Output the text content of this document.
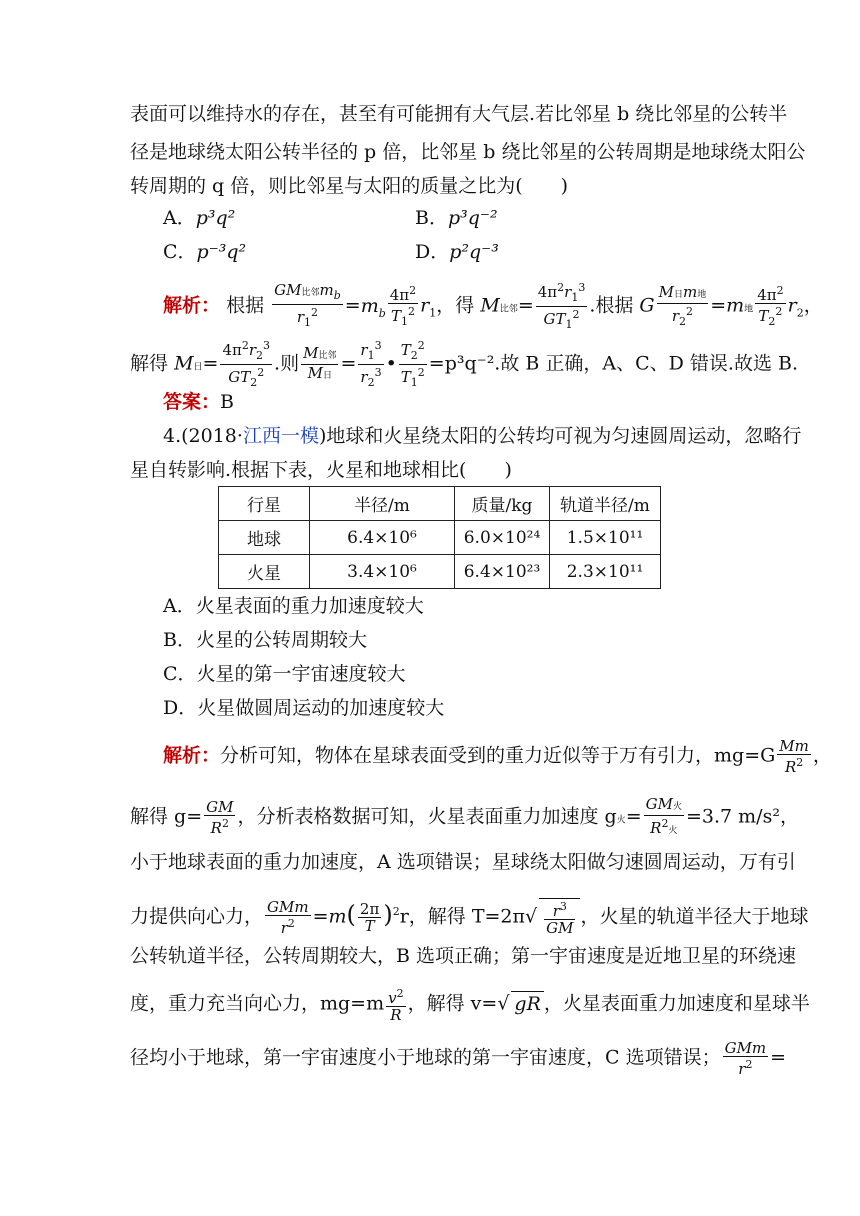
表面可以维持水的存在，甚至有可能拥有大气层.若比邻星 b 绕比邻星的公转半
径是地球绕太阳公转半径的 p 倍，比邻星 b 绕比邻星的公转周期是地球绕太阳公
转周期的 q 倍，则比邻星与太阳的质量之比为(　　)
A．p³q²	B．p³q⁻²
C．p⁻³q²	D．p²q⁻³
解析： 根据 $\frac{GM比邻m_b}{r_1^2} =m_b \frac{4\pi^2}{T_1^2} r_1$，得 M比邻= $\frac{4\pi^2r_1^3}{GT_1^2}$ .根据 G $\frac{\text{M日m地}}{r_2^2} =m$地 $\frac{4\pi^2}{T_2^2} r_2$，
解得 M日= $\frac{4\pi^2r_2^3}{GT_2^2}$ .则 $\frac{\text{M比邻}}{\text{M日}} = \frac{r_1^3}{r_2^3}$ • $\frac{T_2^2}{T_1^2} =p^3q^{-2}$.故 B 正确，A、C、D 错误.故选 B.
答案：B
4.(2018·江西一模)地球和火星绕太阳的公转均可视为匀速圆周运动，忽略行
星自转影响.根据下表，火星和地球相比(　　)
行星	半径/m	质量/kg	轨道半径/m
地球	6.4×10⁶	6.0×10²⁴	1.5×10¹¹
火星	3.4×10⁶	6.4×10²³	2.3×10¹¹
A．火星表面的重力加速度较大
B．火星的公转周期较大
C．火星的第一宇宙速度较大
D．火星做圆周运动的加速度较大
解析：分析可知，物体在星球表面受到的重力近似等于万有引力，$mg=G \frac{Mm}{R^2}$ ，
解得 $g= \frac{GM}{R^2}$ ，分析表格数据可知，火星表面重力加速度 g火= $\frac{\text{GM火}}{R^2火} =3.7$ m/s²，
小于地球表面的重力加速度，A 选项错误；星球绕太阳做匀速圆周运动，万有引
力提供向心力， $\frac{\text{GMm}}{r^2} =m( \frac{2\pi}{T} )^2r$，解得 $T=2\pi√ \frac{r^3}{GM}$ ，火星的轨道半径大于地球
公转轨道半径，公转周期较大，B 选项正确；第一宇宙速度是近地卫星的环绕速
度，重力充当向心力，$mg=m \frac{v^2}{R}$ ，解得 v=√ gR ，火星表面重力加速度和星球半
径均小于地球，第一宇宙速度小于地球的第一宇宙速度，C 选项错误； $\frac{\text{GMm}}{r^2}$ =
